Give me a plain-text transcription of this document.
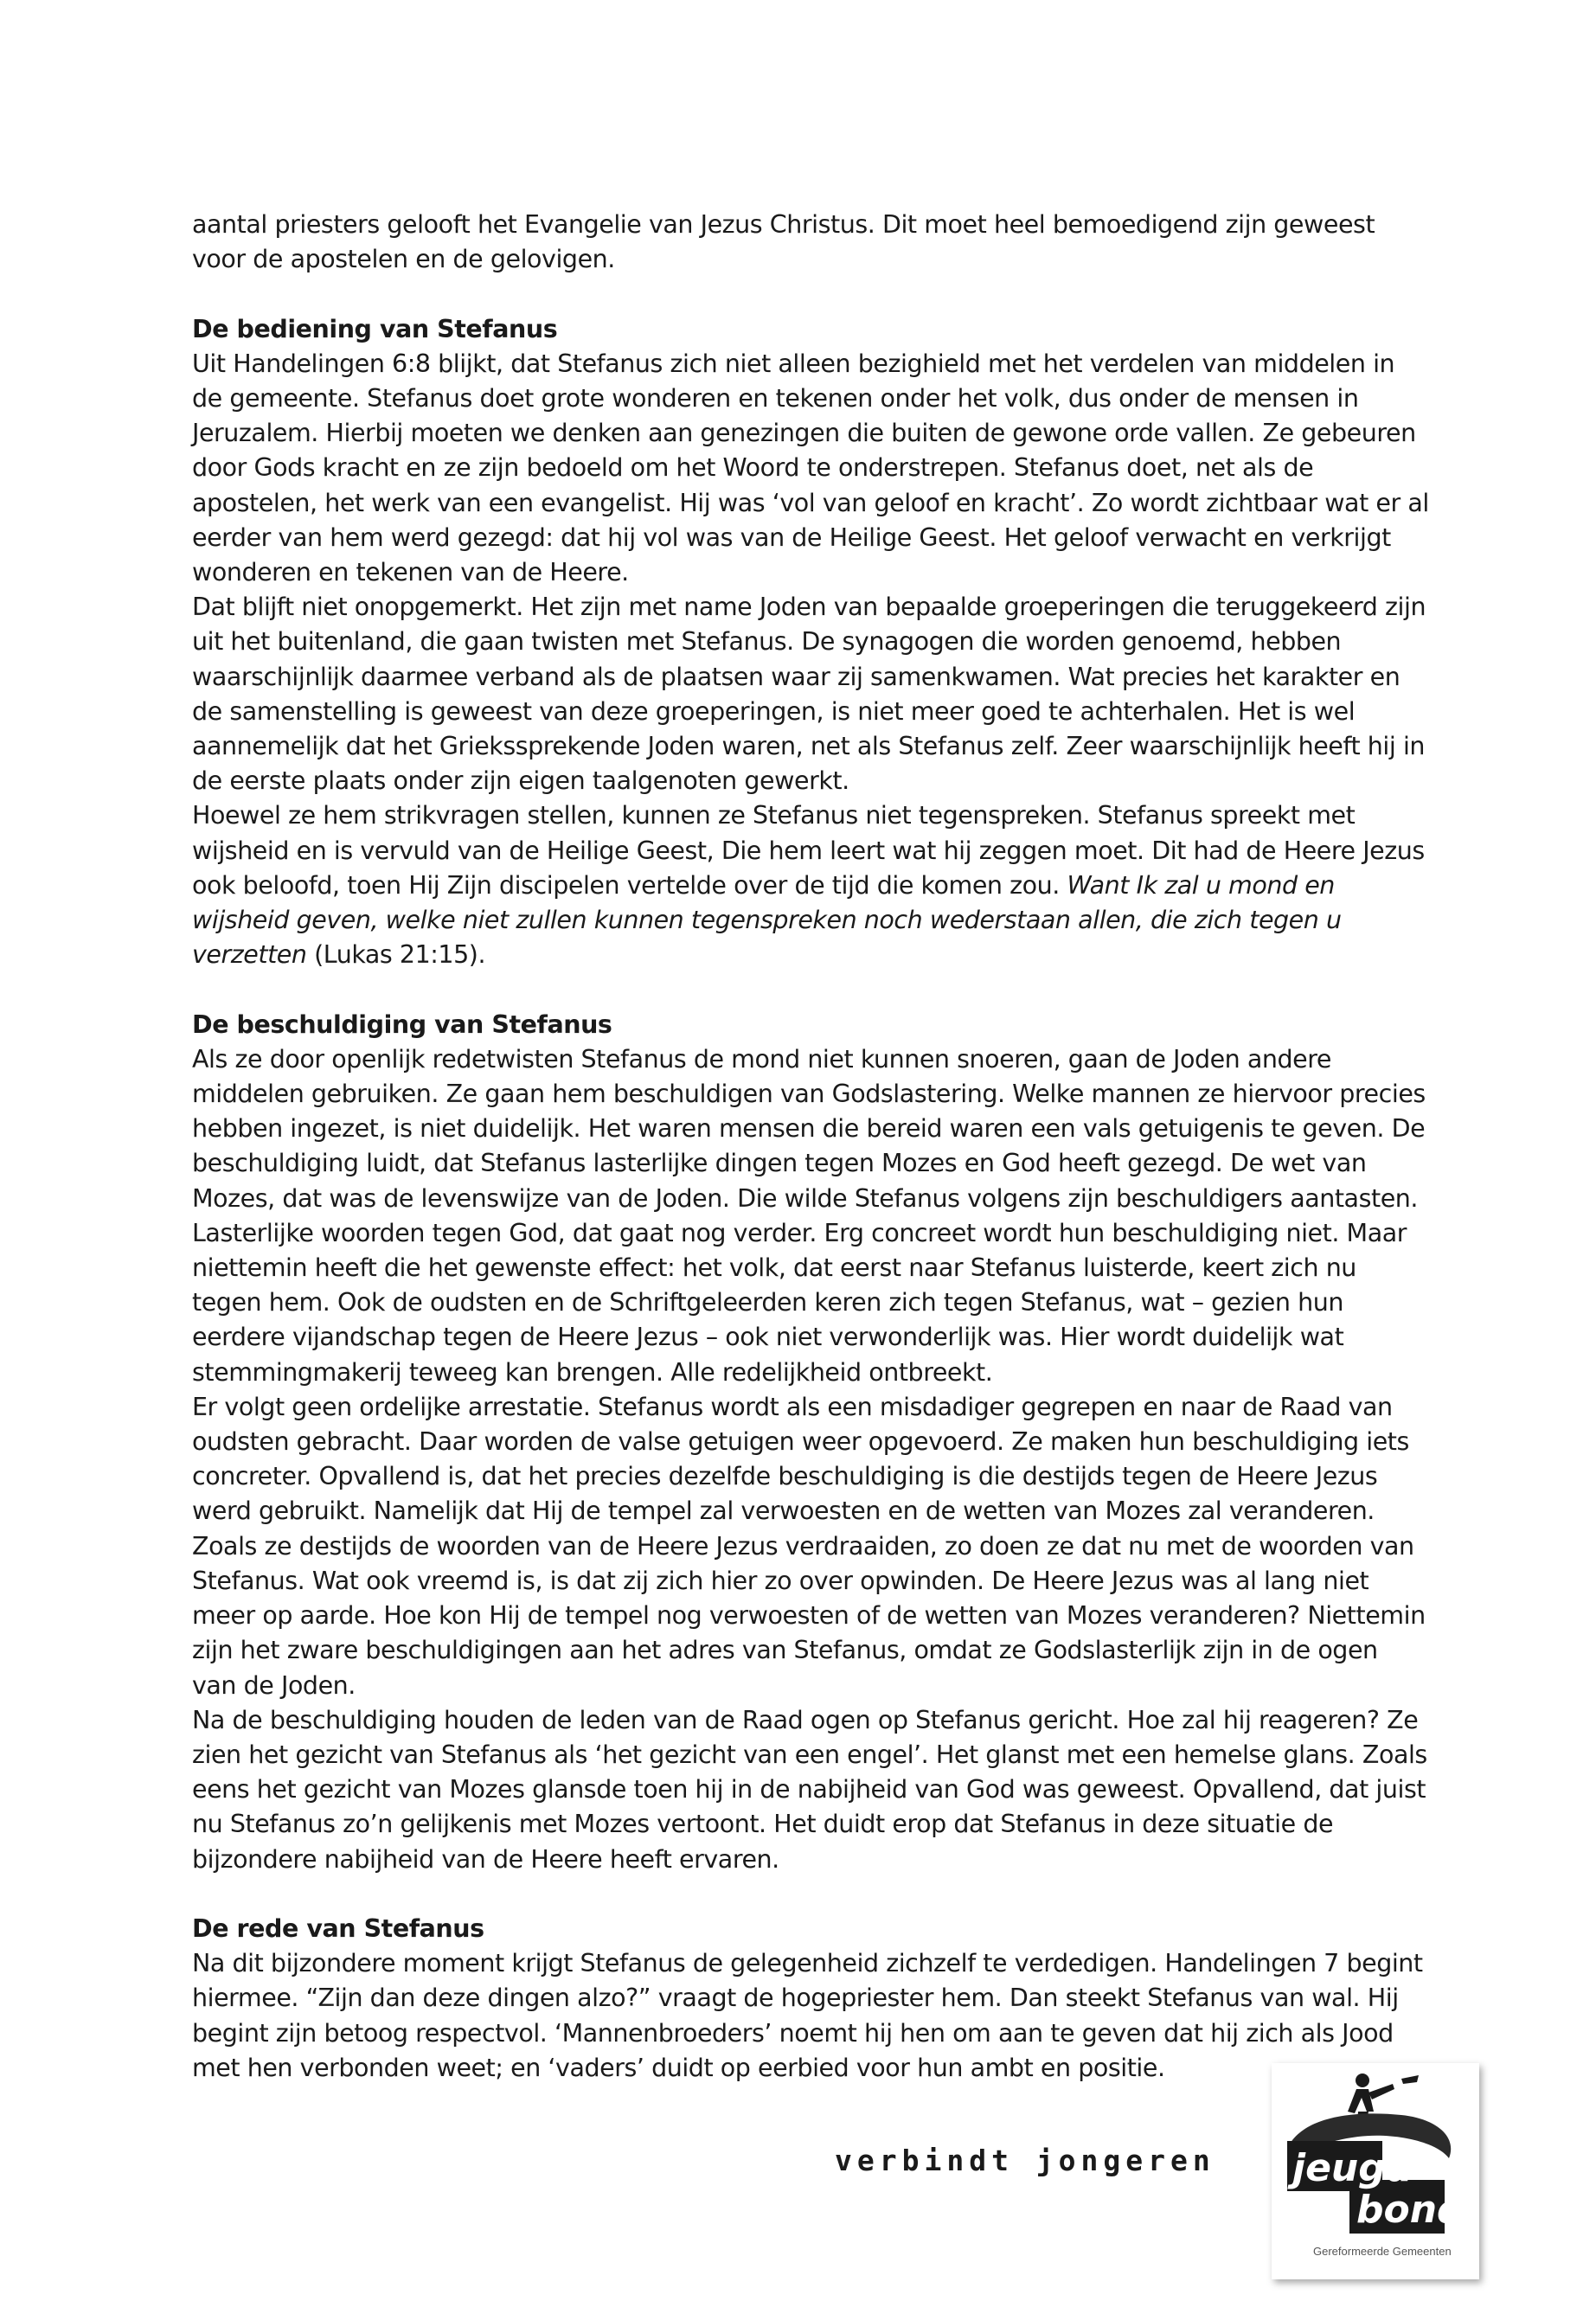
aantal priesters gelooft het Evangelie van Jezus Christus. Dit moet heel bemoedigend zijn geweest voor de apostelen en de gelovigen.

De bediening van Stefanus

Uit Handelingen 6:8 blijkt, dat Stefanus zich niet alleen bezighield met het verdelen van middelen in de gemeente. Stefanus doet grote wonderen en tekenen onder het volk, dus onder de mensen in Jeruzalem. Hierbij moeten we denken aan genezingen die buiten de gewone orde vallen. Ze gebeuren door Gods kracht en ze zijn bedoeld om het Woord te onderstrepen. Stefanus doet, net als de apostelen, het werk van een evangelist. Hij was ‘vol van geloof en kracht’. Zo wordt zichtbaar wat er al eerder van hem werd gezegd: dat hij vol was van de Heilige Geest. Het geloof verwacht en verkrijgt wonderen en tekenen van de Heere.

Dat blijft niet onopgemerkt. Het zijn met name Joden van bepaalde groeperingen die teruggekeerd zijn uit het buitenland, die gaan twisten met Stefanus. De synagogen die worden genoemd, hebben waarschijnlijk daarmee verband als de plaatsen waar zij samenkwamen. Wat precies het karakter en de samenstelling is geweest van deze groeperingen, is niet meer goed te achterhalen. Het is wel aannemelijk dat het Griekssprekende Joden waren, net als Stefanus zelf. Zeer waarschijnlijk heeft hij in de eerste plaats onder zijn eigen taalgenoten gewerkt.

Hoewel ze hem strikvragen stellen, kunnen ze Stefanus niet tegenspreken. Stefanus spreekt met wijsheid en is vervuld van de Heilige Geest, Die hem leert wat hij zeggen moet. Dit had de Heere Jezus ook beloofd, toen Hij Zijn discipelen vertelde over de tijd die komen zou. Want Ik zal u mond en wijsheid geven, welke niet zullen kunnen tegenspreken noch wederstaan allen, die zich tegen u verzetten (Lukas 21:15).

De beschuldiging van Stefanus

Als ze door openlijk redetwisten Stefanus de mond niet kunnen snoeren, gaan de Joden andere middelen gebruiken. Ze gaan hem beschuldigen van Godslastering. Welke mannen ze hiervoor precies hebben ingezet, is niet duidelijk. Het waren mensen die bereid waren een vals getuigenis te geven. De beschuldiging luidt, dat Stefanus lasterlijke dingen tegen Mozes en God heeft gezegd. De wet van Mozes, dat was de levenswijze van de Joden. Die wilde Stefanus volgens zijn beschuldigers aantasten. Lasterlijke woorden tegen God, dat gaat nog verder. Erg concreet wordt hun beschuldiging niet. Maar niettemin heeft die het gewenste effect: het volk, dat eerst naar Stefanus luisterde, keert zich nu tegen hem. Ook de oudsten en de Schriftgeleerden keren zich tegen Stefanus, wat – gezien hun eerdere vijandschap tegen de Heere Jezus – ook niet verwonderlijk was. Hier wordt duidelijk wat stemmingmakerij teweeg kan brengen. Alle redelijkheid ontbreekt.

Er volgt geen ordelijke arrestatie. Stefanus wordt als een misdadiger gegrepen en naar de Raad van oudsten gebracht. Daar worden de valse getuigen weer opgevoerd. Ze maken hun beschuldiging iets concreter. Opvallend is, dat het precies dezelfde beschuldiging is die destijds tegen de Heere Jezus werd gebruikt. Namelijk dat Hij de tempel zal verwoesten en de wetten van Mozes zal veranderen. Zoals ze destijds de woorden van de Heere Jezus verdraaiden, zo doen ze dat nu met de woorden van Stefanus. Wat ook vreemd is, is dat zij zich hier zo over opwinden. De Heere Jezus was al lang niet meer op aarde. Hoe kon Hij de tempel nog verwoesten of de wetten van Mozes veranderen? Niettemin zijn het zware beschuldigingen aan het adres van Stefanus, omdat ze Godslasterlijk zijn in de ogen van de Joden.

Na de beschuldiging houden de leden van de Raad ogen op Stefanus gericht. Hoe zal hij reageren? Ze zien het gezicht van Stefanus als ‘het gezicht van een engel’. Het glanst met een hemelse glans. Zoals eens het gezicht van Mozes glansde toen hij in de nabijheid van God was geweest. Opvallend, dat juist nu Stefanus zo’n gelijkenis met Mozes vertoont. Het duidt erop dat Stefanus in deze situatie de bijzondere nabijheid van de Heere heeft ervaren.

De rede van Stefanus

Na dit bijzondere moment krijgt Stefanus de gelegenheid zichzelf te verdedigen. Handelingen 7 begint hiermee. “Zijn dan deze dingen alzo?” vraagt de hogepriester hem. Dan steekt Stefanus van wal. Hij begint zijn betoog respectvol. ‘Mannenbroeders’ noemt hij hen om aan te geven dat hij zich als Jood met hen verbonden weet; en ‘vaders’ duidt op eerbied voor hun ambt en positie.

verbindt jongeren jeugd
bond
Gereformeerde Gemeenten
